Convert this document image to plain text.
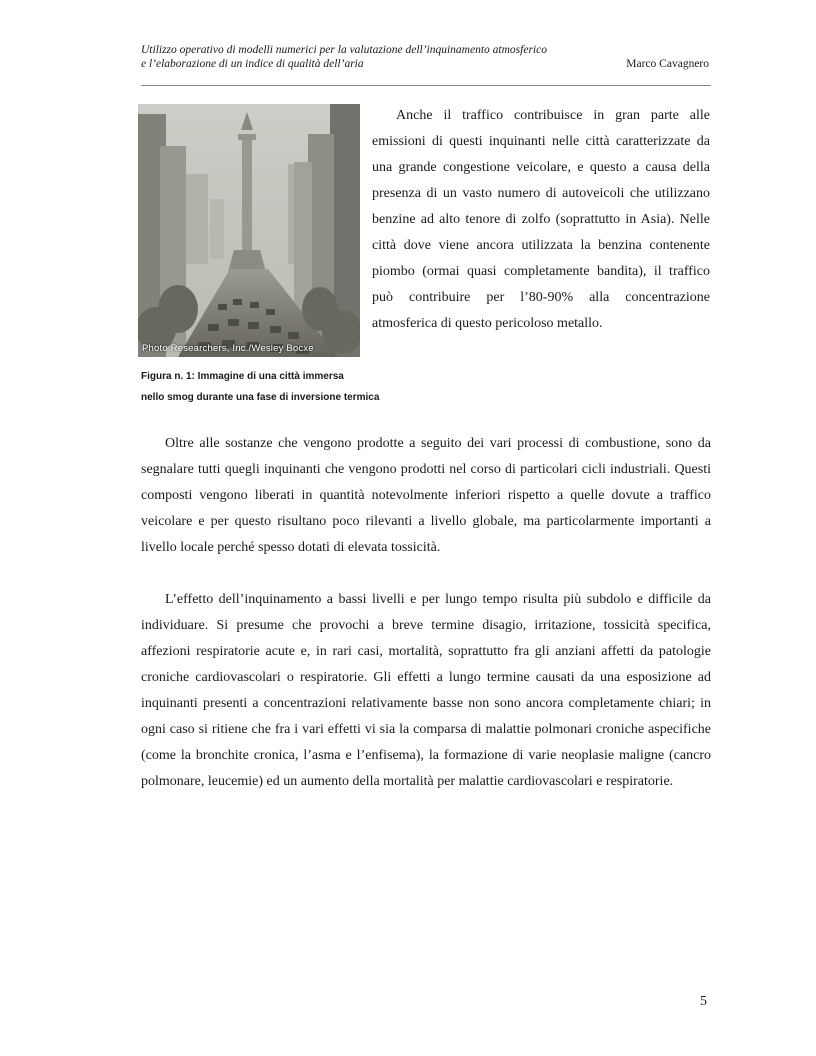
Utilizzo operativo di modelli numerici per la valutazione dell’inquinamento atmosferico
e l’elaborazione di un indice di qualità dell’aria	Marco Cavagnero
Photo Researchers, Inc./Wesley Bocxe
Figura n. 1: Immagine di una città immersa
nello smog durante una fase di inversione termica

Anche il traffico contribuisce in gran parte alle emissioni di questi inquinanti nelle città caratterizzate da una grande congestione veicolare, e questo a causa della presenza di un vasto numero di autoveicoli che utilizzano benzine ad alto tenore di zolfo (soprattutto in Asia). Nelle città dove viene ancora utilizzata la benzina contenente piombo (ormai quasi completamente bandita), il traffico può contribuire per l’80-90% alla concentrazione atmosferica di questo pericoloso metallo.

Oltre alle sostanze che vengono prodotte a seguito dei vari processi di combustione, sono da segnalare tutti quegli inquinanti che vengono prodotti nel corso di particolari cicli industriali. Questi composti vengono liberati in quantità notevolmente inferiori rispetto a quelle dovute a traffico veicolare e per questo risultano poco rilevanti a livello globale, ma particolarmente importanti a livello locale perché spesso dotati di elevata tossicità.

L’effetto dell’inquinamento a bassi livelli e per lungo tempo risulta più subdolo e difficile da individuare. Si presume che provochi a breve termine disagio, irritazione, tossicità specifica, affezioni respiratorie acute e, in rari casi, mortalità, soprattutto fra gli anziani affetti da patologie croniche cardiovascolari o respiratorie. Gli effetti a lungo termine causati da una esposizione ad inquinanti presenti a concentrazioni relativamente basse non sono ancora completamente chiari; in ogni caso si ritiene che fra i vari effetti vi sia la comparsa di malattie polmonari croniche aspecifiche (come la bronchite cronica, l’asma e l’enfisema), la formazione di varie neoplasie maligne (cancro polmonare, leucemie) ed un aumento della mortalità per malattie cardiovascolari e respiratorie.

5
